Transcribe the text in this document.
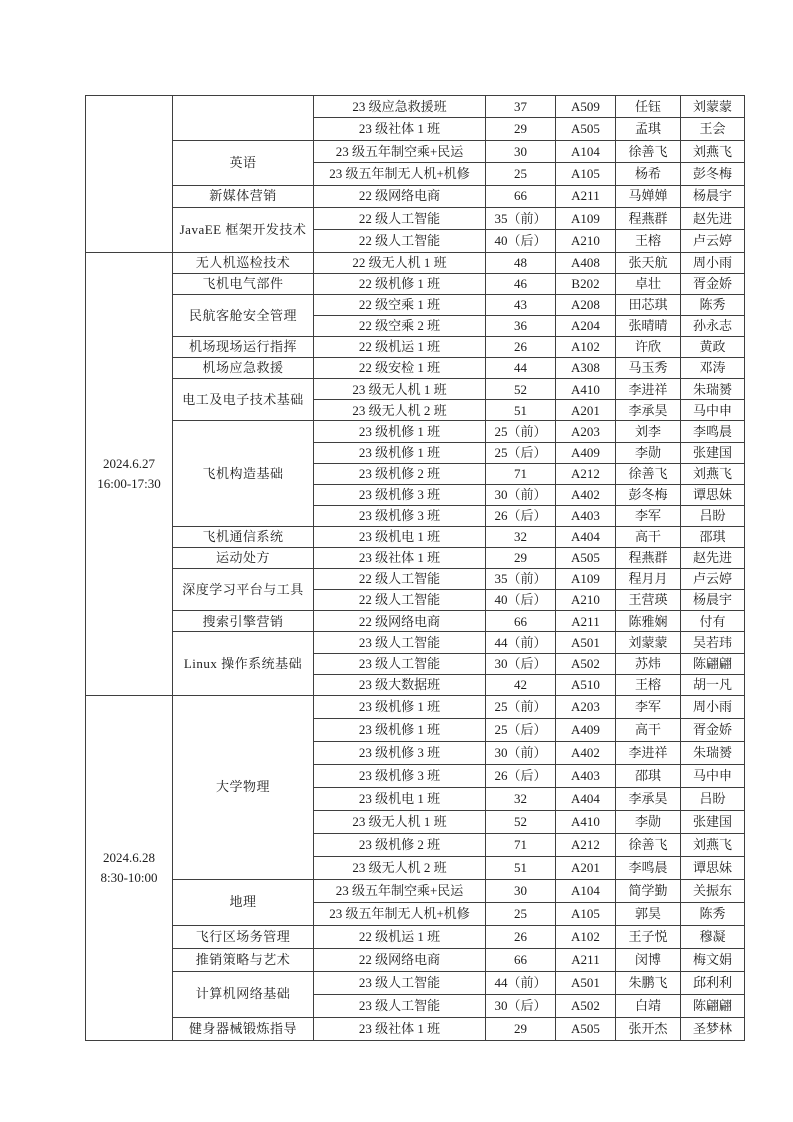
		23 级应急救援班	37	A509	任钰	刘蒙蒙
		23 级社体 1 班	29	A505	孟琪	王会
	英语	23 级五年制空乘+民运	30	A104	徐善飞	刘燕飞
		23 级五年制无人机+机修	25	A105	杨希	彭冬梅
	新媒体营销	22 级网络电商	66	A211	马婵婵	杨晨宇
	JavaEE 框架开发技术	22 级人工智能	35（前）	A109	程燕群	赵先进
		22 级人工智能	40（后）	A210	王榕	卢云婷

2024.6.27
16:00-17:30	无人机巡检技术	22 级无人机 1 班	48	A408	张天航	周小雨
	飞机电气部件	22 级机修 1 班	46	B202	卓壮	胥金娇
	民航客舱安全管理	22 级空乘 1 班	43	A208	田芯琪	陈秀
		22 级空乘 2 班	36	A204	张晴晴	孙永志
	机场现场运行指挥	22 级机运 1 班	26	A102	许欣	黄政
	机场应急救援	22 级安检 1 班	44	A308	马玉秀	邓涛
	电工及电子技术基础	23 级无人机 1 班	52	A410	李进祥	朱瑞赟
		23 级无人机 2 班	51	A201	李承昊	马中申
	飞机构造基础	23 级机修 1 班	25（前）	A203	刘李	李鸣晨
		23 级机修 1 班	25（后）	A409	李勋	张建国
		23 级机修 2 班	71	A212	徐善飞	刘燕飞
		23 级机修 3 班	30（前）	A402	彭冬梅	谭思妹
		23 级机修 3 班	26（后）	A403	李军	吕盼
	飞机通信系统	23 级机电 1 班	32	A404	高干	邵琪
	运动处方	23 级社体 1 班	29	A505	程燕群	赵先进
	深度学习平台与工具	22 级人工智能	35（前）	A109	程月月	卢云婷
		22 级人工智能	40（后）	A210	王营瑛	杨晨宇
	搜索引擎营销	22 级网络电商	66	A211	陈雅娴	付有
	Linux 操作系统基础	23 级人工智能	44（前）	A501	刘蒙蒙	吴若玮
		23 级人工智能	30（后）	A502	苏炜	陈翩翩
		23 级大数据班	42	A510	王榕	胡一凡

2024.6.28
8:30-10:00	大学物理	23 级机修 1 班	25（前）	A203	李军	周小雨
		23 级机修 1 班	25（后）	A409	高干	胥金娇
		23 级机修 3 班	30（前）	A402	李进祥	朱瑞赟
		23 级机修 3 班	26（后）	A403	邵琪	马中申
		23 级机电 1 班	32	A404	李承昊	吕盼
		23 级无人机 1 班	52	A410	李勋	张建国
		23 级机修 2 班	71	A212	徐善飞	刘燕飞
		23 级无人机 2 班	51	A201	李鸣晨	谭思妹
	地理	23 级五年制空乘+民运	30	A104	简学勤	关振东
		23 级五年制无人机+机修	25	A105	郭昊	陈秀
	飞行区场务管理	22 级机运 1 班	26	A102	王子悦	穆凝
	推销策略与艺术	22 级网络电商	66	A211	闵博	梅文娟
	计算机网络基础	23 级人工智能	44（前）	A501	朱鹏飞	邱利利
		23 级人工智能	30（后）	A502	白靖	陈翩翩
	健身器械锻炼指导	23 级社体 1 班	29	A505	张开杰	圣梦林
